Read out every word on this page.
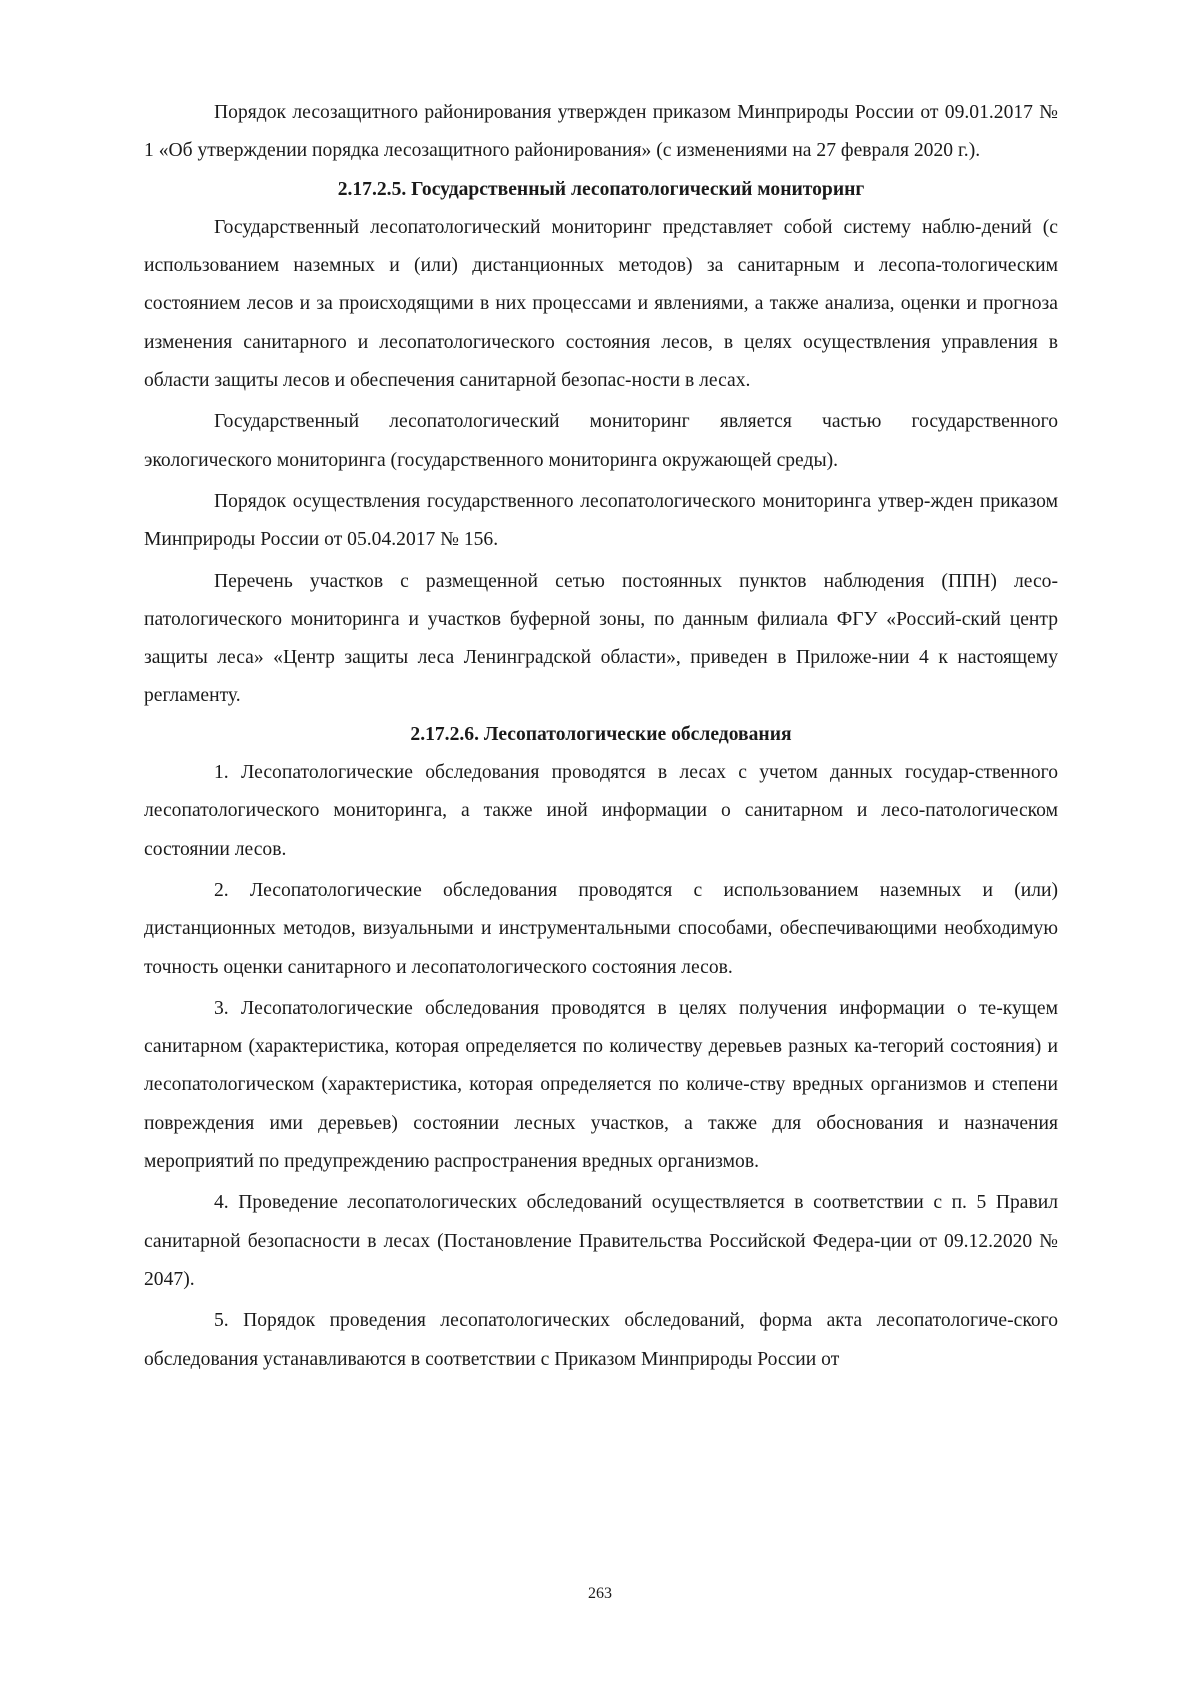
Порядок лесозащитного районирования утвержден приказом Минприроды России от 09.01.2017 № 1 «Об утверждении порядка лесозащитного районирования» (с изменениями на 27 февраля 2020 г.).

2.17.2.5. Государственный лесопатологический мониторинг

Государственный лесопатологический мониторинг представляет собой систему наблю-дений (с использованием наземных и (или) дистанционных методов) за санитарным и лесопа-тологическим состоянием лесов и за происходящими в них процессами и явлениями, а также анализа, оценки и прогноза изменения санитарного и лесопатологического состояния лесов, в целях осуществления управления в области защиты лесов и обеспечения санитарной безопас-ности в лесах.

Государственный лесопатологический мониторинг является частью государственного экологического мониторинга (государственного мониторинга окружающей среды).

Порядок осуществления государственного лесопатологического мониторинга утвер-жден приказом Минприроды России от 05.04.2017 № 156.

Перечень участков с размещенной сетью постоянных пунктов наблюдения (ППН) лесо-патологического мониторинга и участков буферной зоны, по данным филиала ФГУ «Россий-ский центр защиты леса» «Центр защиты леса Ленинградской области», приведен в Приложе-нии 4 к настоящему регламенту.

2.17.2.6. Лесопатологические обследования

1. Лесопатологические обследования проводятся в лесах с учетом данных государ-ственного лесопатологического мониторинга, а также иной информации о санитарном и лесо-патологическом состоянии лесов.

2. Лесопатологические обследования проводятся с использованием наземных и (или) дистанционных методов, визуальными и инструментальными способами, обеспечивающими необходимую точность оценки санитарного и лесопатологического состояния лесов.

3. Лесопатологические обследования проводятся в целях получения информации о те-кущем санитарном (характеристика, которая определяется по количеству деревьев разных ка-тегорий состояния) и лесопатологическом (характеристика, которая определяется по количе-ству вредных организмов и степени повреждения ими деревьев) состоянии лесных участков, а также для обоснования и назначения мероприятий по предупреждению распространения вредных организмов.

4. Проведение лесопатологических обследований осуществляется в соответствии с п. 5 Правил санитарной безопасности в лесах (Постановление Правительства Российской Федера-ции от 09.12.2020 № 2047).

5. Порядок проведения лесопатологических обследований, форма акта лесопатологиче-ского обследования устанавливаются в соответствии с Приказом Минприроды России от

263
